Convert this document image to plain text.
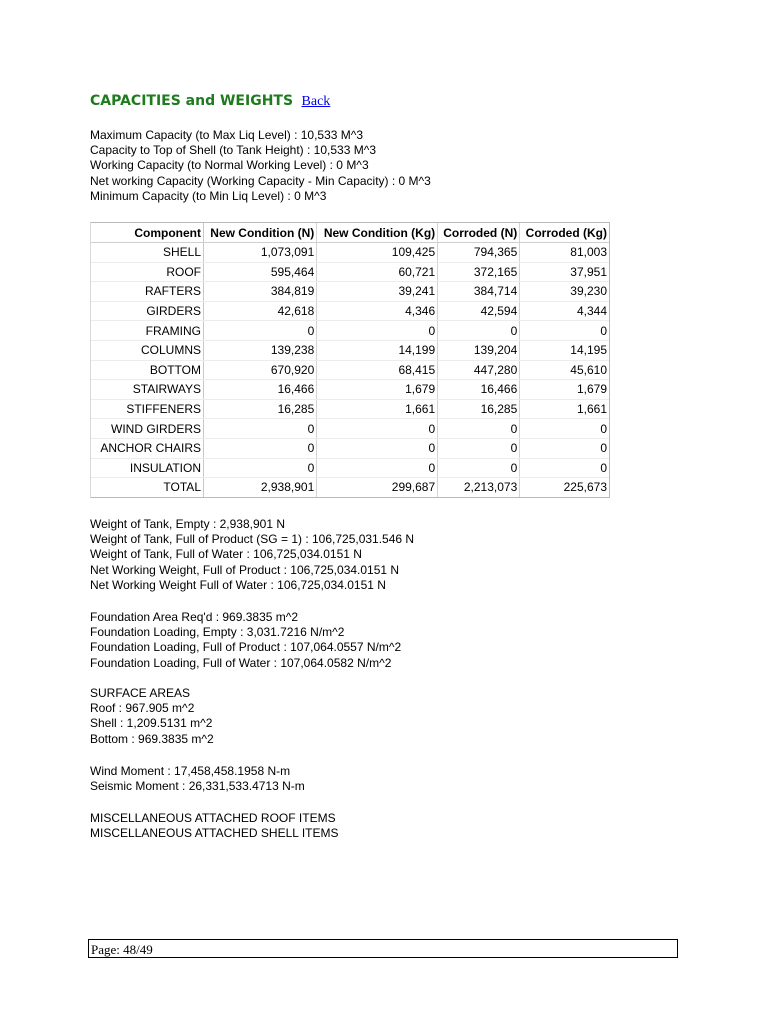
CAPACITIES and WEIGHTS Back
Maximum Capacity (to Max Liq Level) : 10,533 M^3
Capacity to Top of Shell (to Tank Height) : 10,533 M^3
Working Capacity (to Normal Working Level) : 0 M^3
Net working Capacity (Working Capacity - Min Capacity) : 0 M^3
Minimum Capacity (to Min Liq Level) : 0 M^3
Component	New Condition (N)	New Condition (Kg)	Corroded (N)	Corroded (Kg)
SHELL	1,073,091	109,425	794,365	81,003
ROOF	595,464	60,721	372,165	37,951
RAFTERS	384,819	39,241	384,714	39,230
GIRDERS	42,618	4,346	42,594	4,344
FRAMING	0	0	0	0
COLUMNS	139,238	14,199	139,204	14,195
BOTTOM	670,920	68,415	447,280	45,610
STAIRWAYS	16,466	1,679	16,466	1,679
STIFFENERS	16,285	1,661	16,285	1,661
WIND GIRDERS	0	0	0	0
ANCHOR CHAIRS	0	0	0	0
INSULATION	0	0	0	0
TOTAL	2,938,901	299,687	2,213,073	225,673
Weight of Tank, Empty : 2,938,901 N
Weight of Tank, Full of Product (SG = 1) : 106,725,031.546 N
Weight of Tank, Full of Water : 106,725,034.0151 N
Net Working Weight, Full of Product : 106,725,034.0151 N
Net Working Weight Full of Water : 106,725,034.0151 N
Foundation Area Req'd : 969.3835 m^2
Foundation Loading, Empty : 3,031.7216 N/m^2
Foundation Loading, Full of Product : 107,064.0557 N/m^2
Foundation Loading, Full of Water : 107,064.0582 N/m^2
SURFACE AREAS
Roof : 967.905 m^2
Shell : 1,209.5131 m^2
Bottom : 969.3835 m^2
Wind Moment : 17,458,458.1958 N-m
Seismic Moment : 26,331,533.4713 N-m
MISCELLANEOUS ATTACHED ROOF ITEMS
MISCELLANEOUS ATTACHED SHELL ITEMS
Page: 48/49
